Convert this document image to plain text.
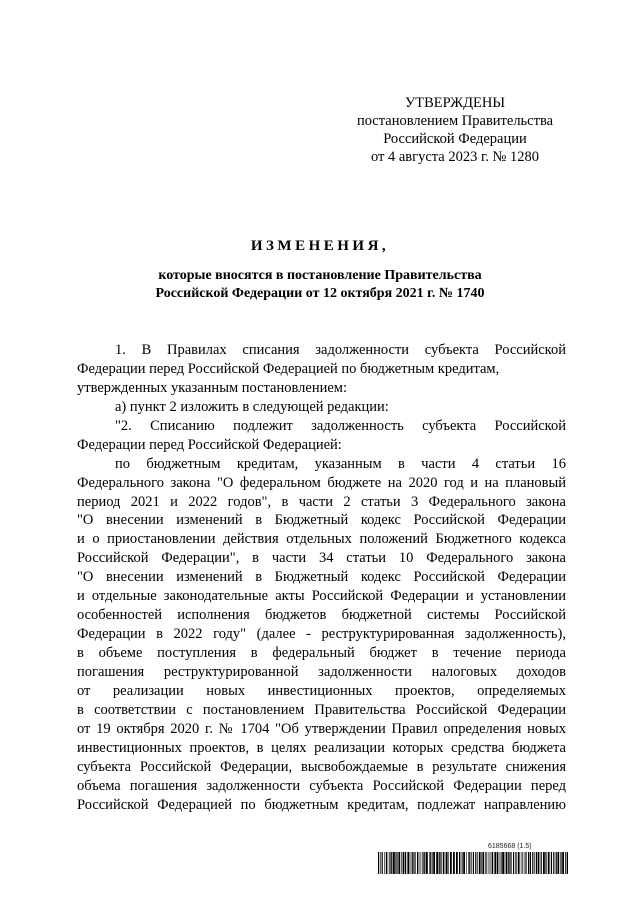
УТВЕРЖДЕНЫ
постановлением Правительства
Российской Федерации
от 4 августа 2023 г. № 1280
ИЗМЕНЕНИЯ,
которые вносятся в постановление Правительства
Российской Федерации от 12 октября 2021 г. № 1740
1. В Правилах списания задолженности субъекта Российской
Федерации перед Российской Федерацией по бюджетным кредитам,
утвержденных указанным постановлением:
а) пункт 2 изложить в следующей редакции:
"2. Списанию подлежит задолженность субъекта Российской
Федерации перед Российской Федерацией:
по бюджетным кредитам, указанным в части 4 статьи 16
Федерального закона "О федеральном бюджете на 2020 год и на плановый
период 2021 и 2022 годов", в части 2 статьи 3 Федерального закона
"О внесении изменений в Бюджетный кодекс Российской Федерации
и о приостановлении действия отдельных положений Бюджетного кодекса
Российской Федерации", в части 34 статьи 10 Федерального закона
"О внесении изменений в Бюджетный кодекс Российской Федерации
и отдельные законодательные акты Российской Федерации и установлении
особенностей исполнения бюджетов бюджетной системы Российской
Федерации в 2022 году" (далее - реструктурированная задолженность),
в объеме поступления в федеральный бюджет в течение периода
погашения реструктурированной задолженности налоговых доходов
от реализации новых инвестиционных проектов, определяемых
в соответствии с постановлением Правительства Российской Федерации
от 19 октября 2020 г. № 1704 "Об утверждении Правил определения новых
инвестиционных проектов, в целях реализации которых средства бюджета
субъекта Российской Федерации, высвобождаемые в результате снижения
объема погашения задолженности субъекта Российской Федерации перед
Российской Федерацией по бюджетным кредитам, подлежат направлению
6185668 (1.5)
